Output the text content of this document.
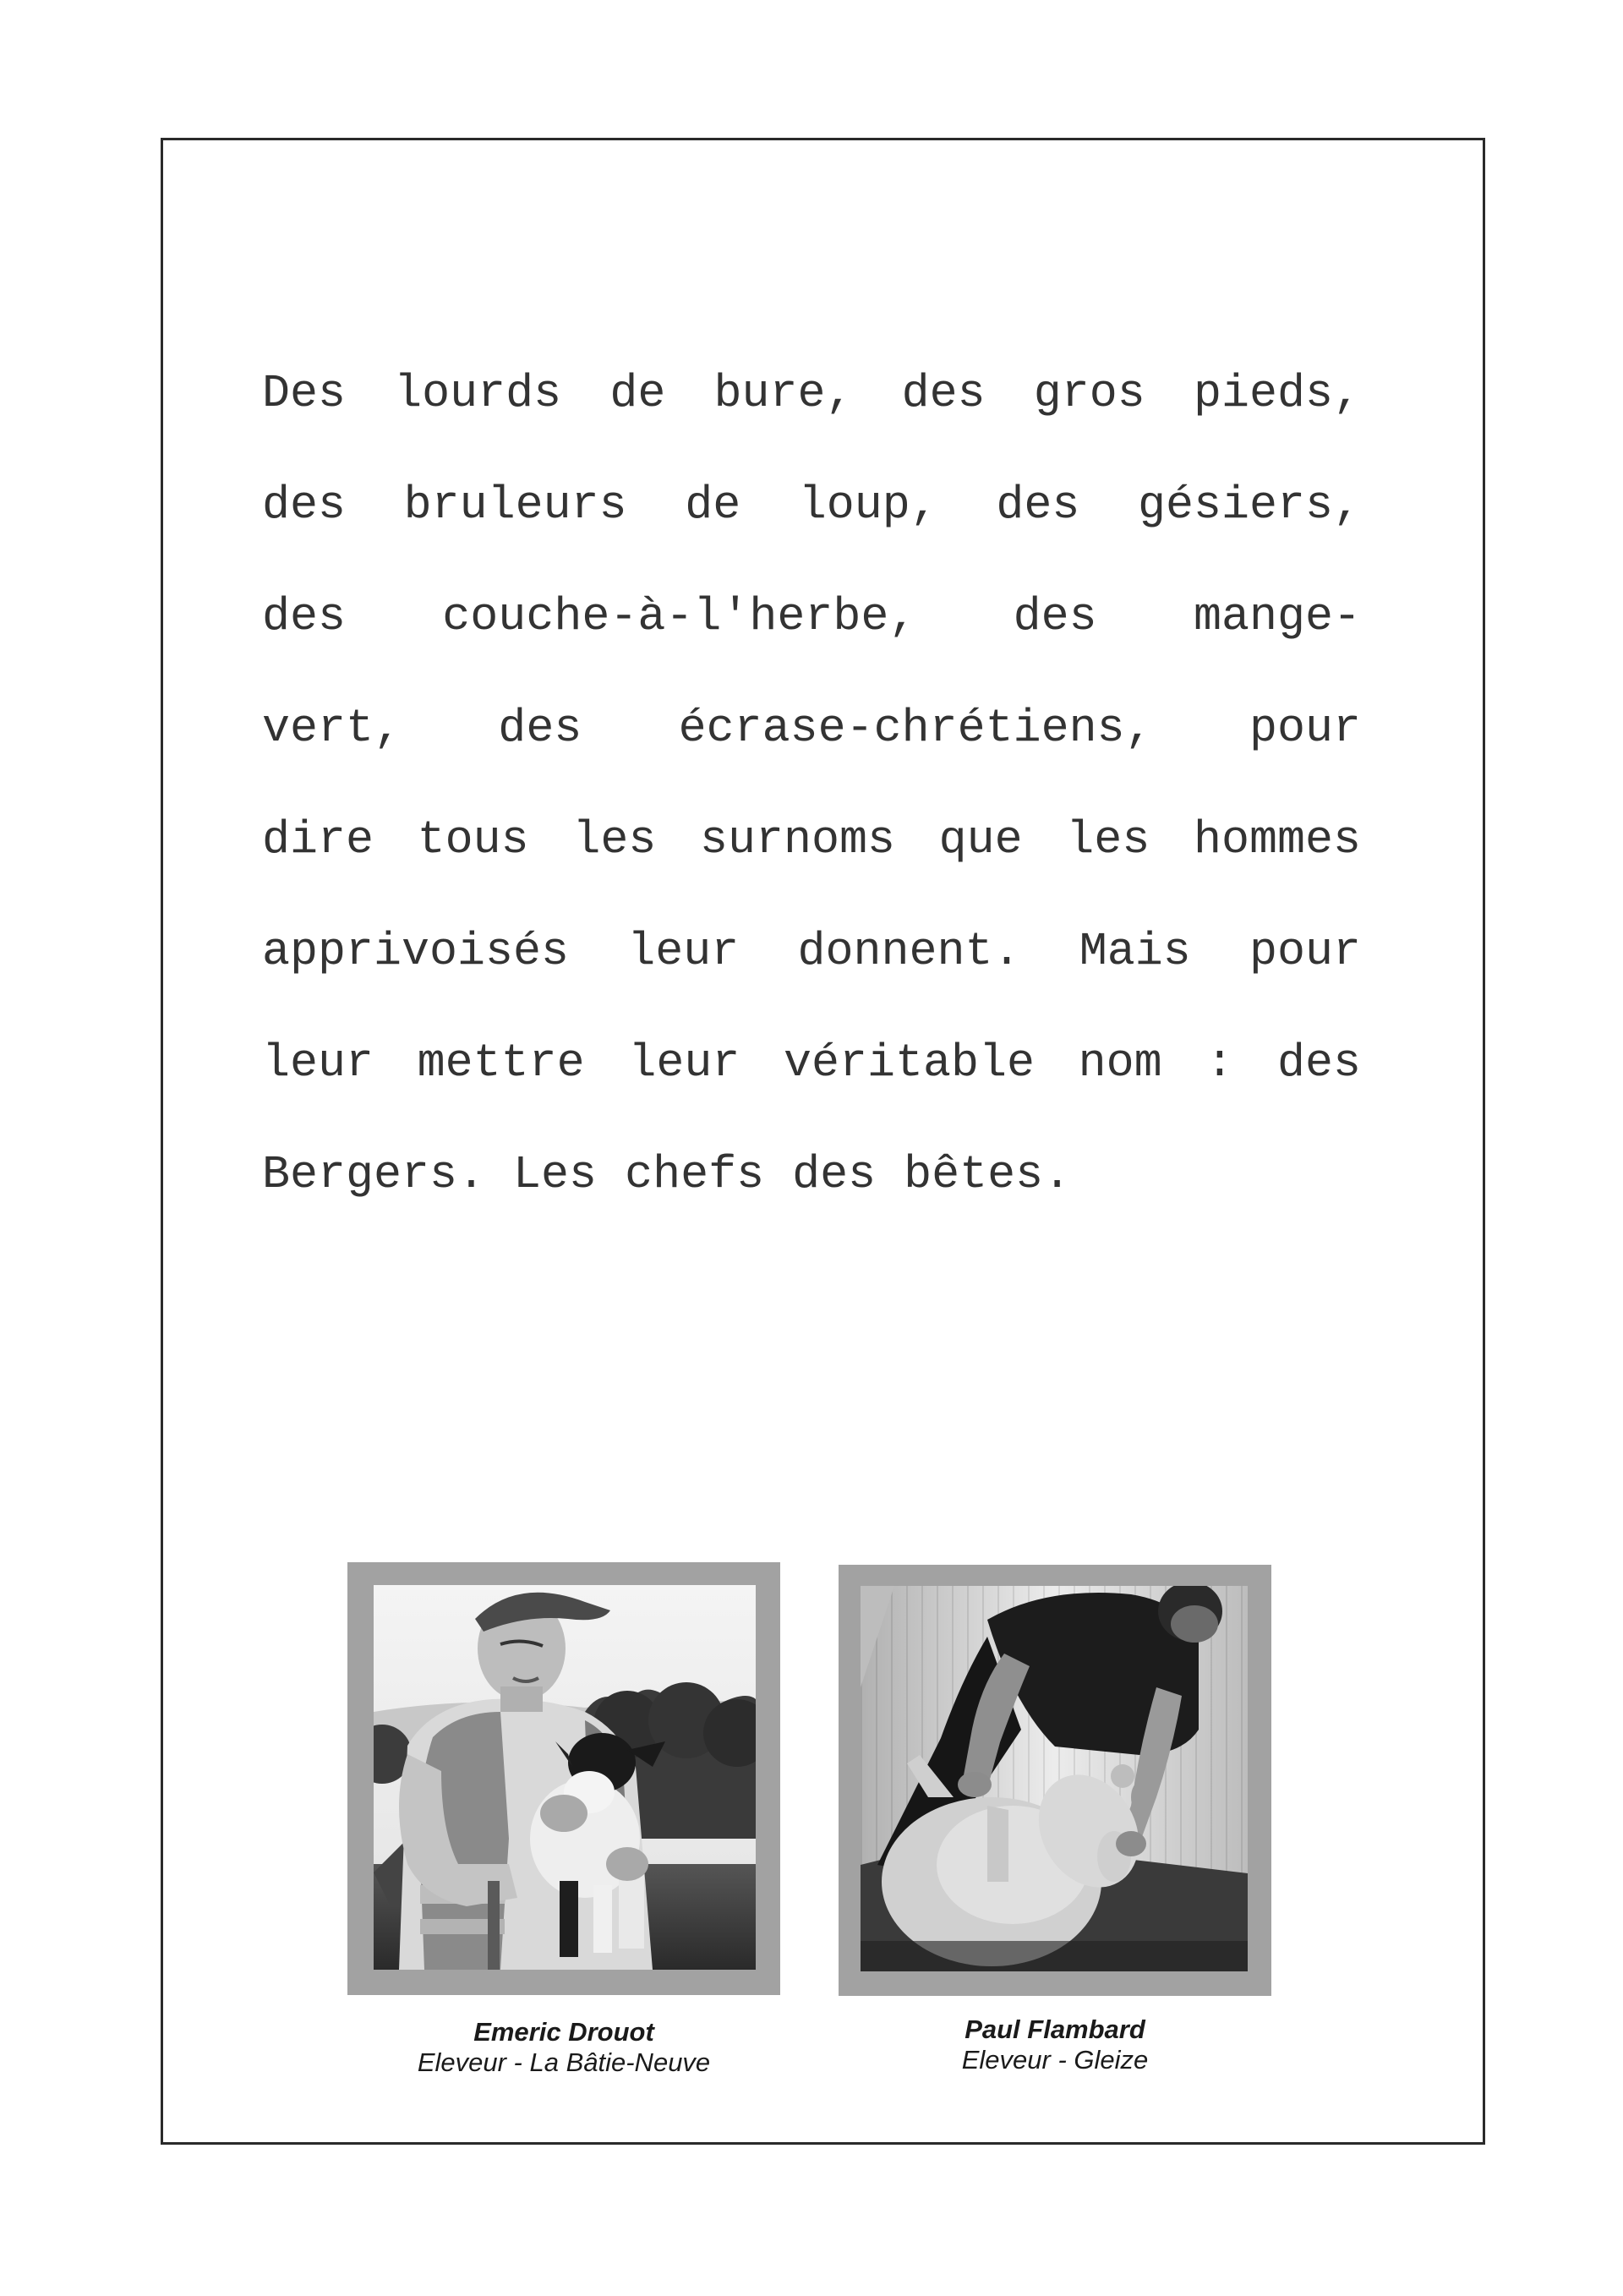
Des lourds de bure, des gros pieds,
des bruleurs de loup, des gésiers,
des couche-à-l'herbe, des mange-
vert, des écrase-chrétiens, pour
dire tous les surnoms que les hommes
apprivoisés leur donnent. Mais pour
leur mettre leur véritable nom : des
Bergers. Les chefs des bêtes.
Emeric Drouot
Eleveur - La Bâtie-Neuve
Paul Flambard
Eleveur - Gleize
